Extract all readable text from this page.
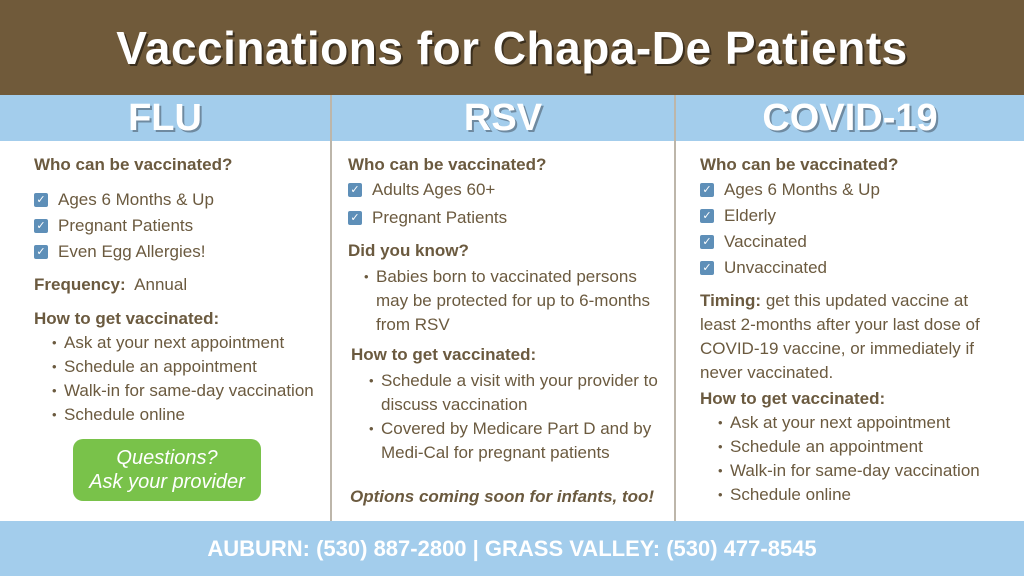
Vaccinations for Chapa-De Patients
FLU	RSV	COVID-19
Who can be vaccinated?
✓ Ages 6 Months & Up
✓ Pregnant Patients
✓ Even Egg Allergies!
Frequency: Annual
How to get vaccinated:
• Ask at your next appointment
• Schedule an appointment
• Walk-in for same-day vaccination
• Schedule online
Questions?
Ask your provider
Who can be vaccinated?
✓ Adults Ages 60+
✓ Pregnant Patients
Did you know?
• Babies born to vaccinated persons may be protected for up to 6-months from RSV
How to get vaccinated:
• Schedule a visit with your provider to discuss vaccination
• Covered by Medicare Part D and by Medi-Cal for pregnant patients
Options coming soon for infants, too!
Who can be vaccinated?
✓ Ages 6 Months & Up
✓ Elderly
✓ Vaccinated
✓ Unvaccinated
Timing: get this updated vaccine at least 2-months after your last dose of COVID-19 vaccine, or immediately if never vaccinated.
How to get vaccinated:
• Ask at your next appointment
• Schedule an appointment
• Walk-in for same-day vaccination
• Schedule online
AUBURN: (530) 887-2800 | GRASS VALLEY: (530) 477-8545
